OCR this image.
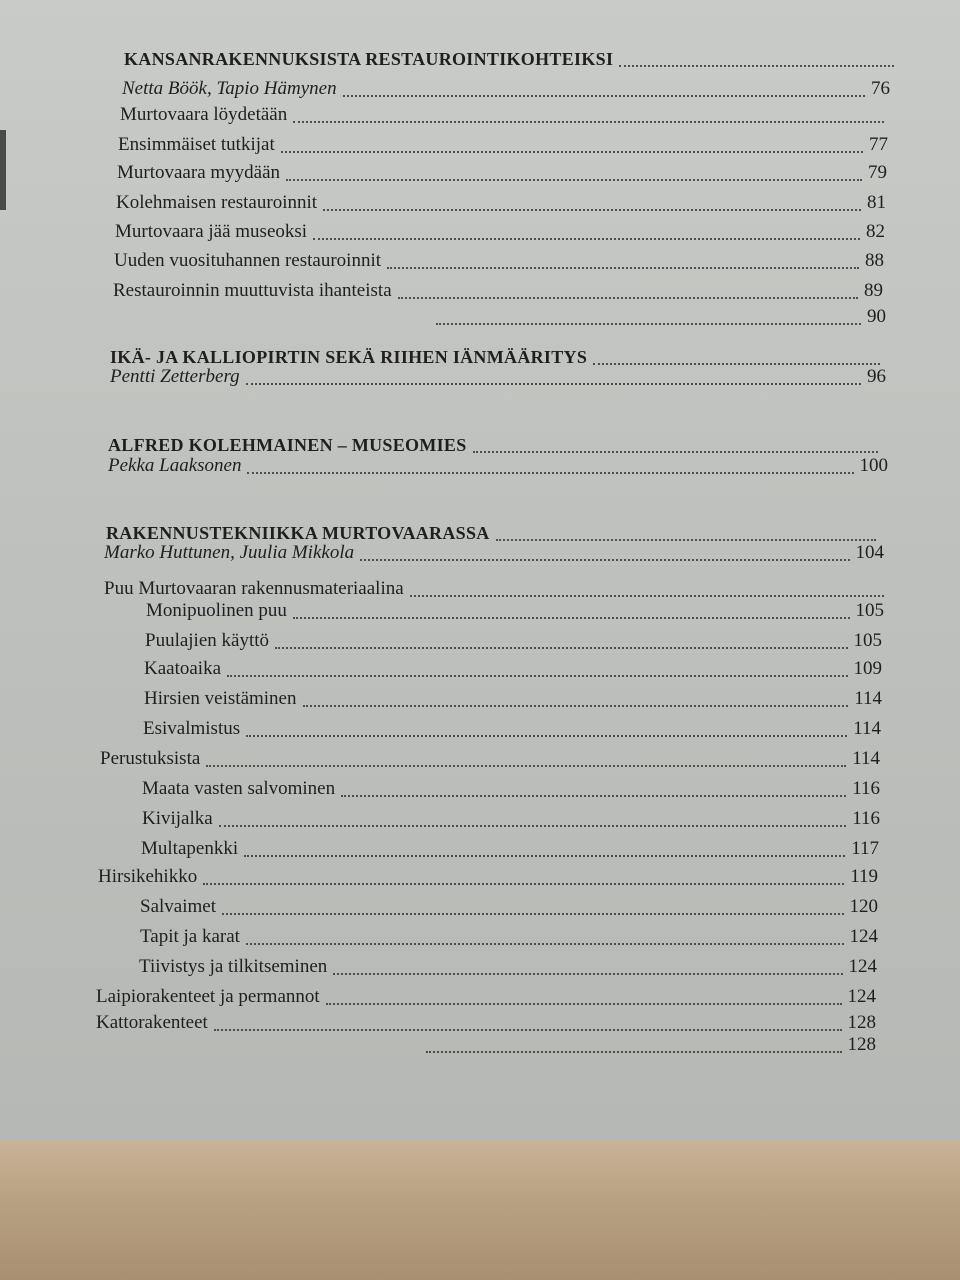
KANSANRAKENNUKSISTA RESTAUROINTIKOHTEIKSI
Netta Böök, Tapio Hämynen	76
Murtovaara löydetään
Ensimmäiset tutkijat	77
Murtovaara myydään	79
Kolehmaisen restauroinnit	81
Murtovaara jää museoksi	82
Uuden vuosituhannen restauroinnit	88
Restauroinnin muuttuvista ihanteista	89
90
IKÄ- JA KALLIOPIRTIN SEKÄ RIIHEN IÄNMÄÄRITYS
Pentti Zetterberg	96
ALFRED KOLEHMAINEN – MUSEOMIES
Pekka Laaksonen	100
RAKENNUSTEKNIIKKA MURTOVAARASSA
Marko Huttunen, Juulia Mikkola	104
Puu Murtovaaran rakennusmateriaalina
Monipuolinen puu	105
Puulajien käyttö	105
Kaatoaika	109
Hirsien veistäminen	114
Esivalmistus	114
Perustuksista	114
Maata vasten salvominen	116
Kivijalka	116
Multapenkki	117
Hirsikehikko	119
Salvaimet	120
Tapit ja karat	124
Tiivistys ja tilkitseminen	124
Laipiorakenteet ja permannot	124
Kattorakenteet	128
128
